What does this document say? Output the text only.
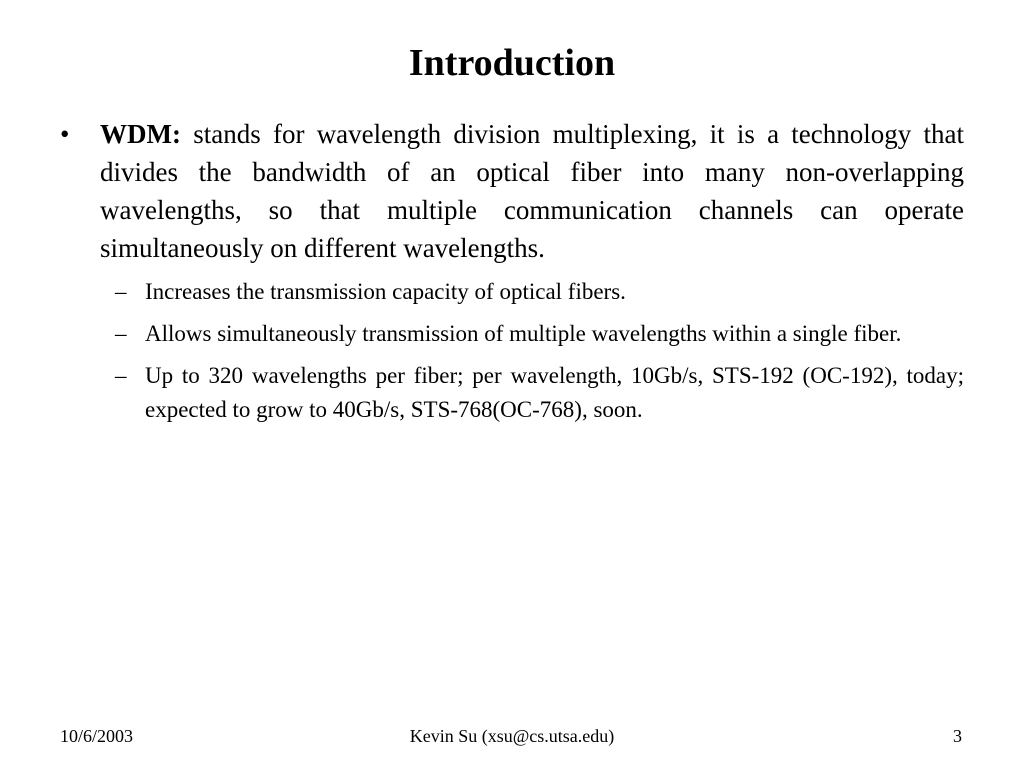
Introduction

• WDM: stands for wavelength division multiplexing, it is a technology that divides the bandwidth of an optical fiber into many non-overlapping wavelengths, so that multiple communication channels can operate simultaneously on different wavelengths.

– Increases the transmission capacity of optical fibers.
– Allows simultaneously transmission of multiple wavelengths within a single fiber.
– Up to 320 wavelengths per fiber; per wavelength, 10Gb/s, STS-192 (OC-192), today; expected to grow to 40Gb/s, STS-768(OC-768), soon.
10/6/2003	Kevin Su (xsu@cs.utsa.edu)	3
